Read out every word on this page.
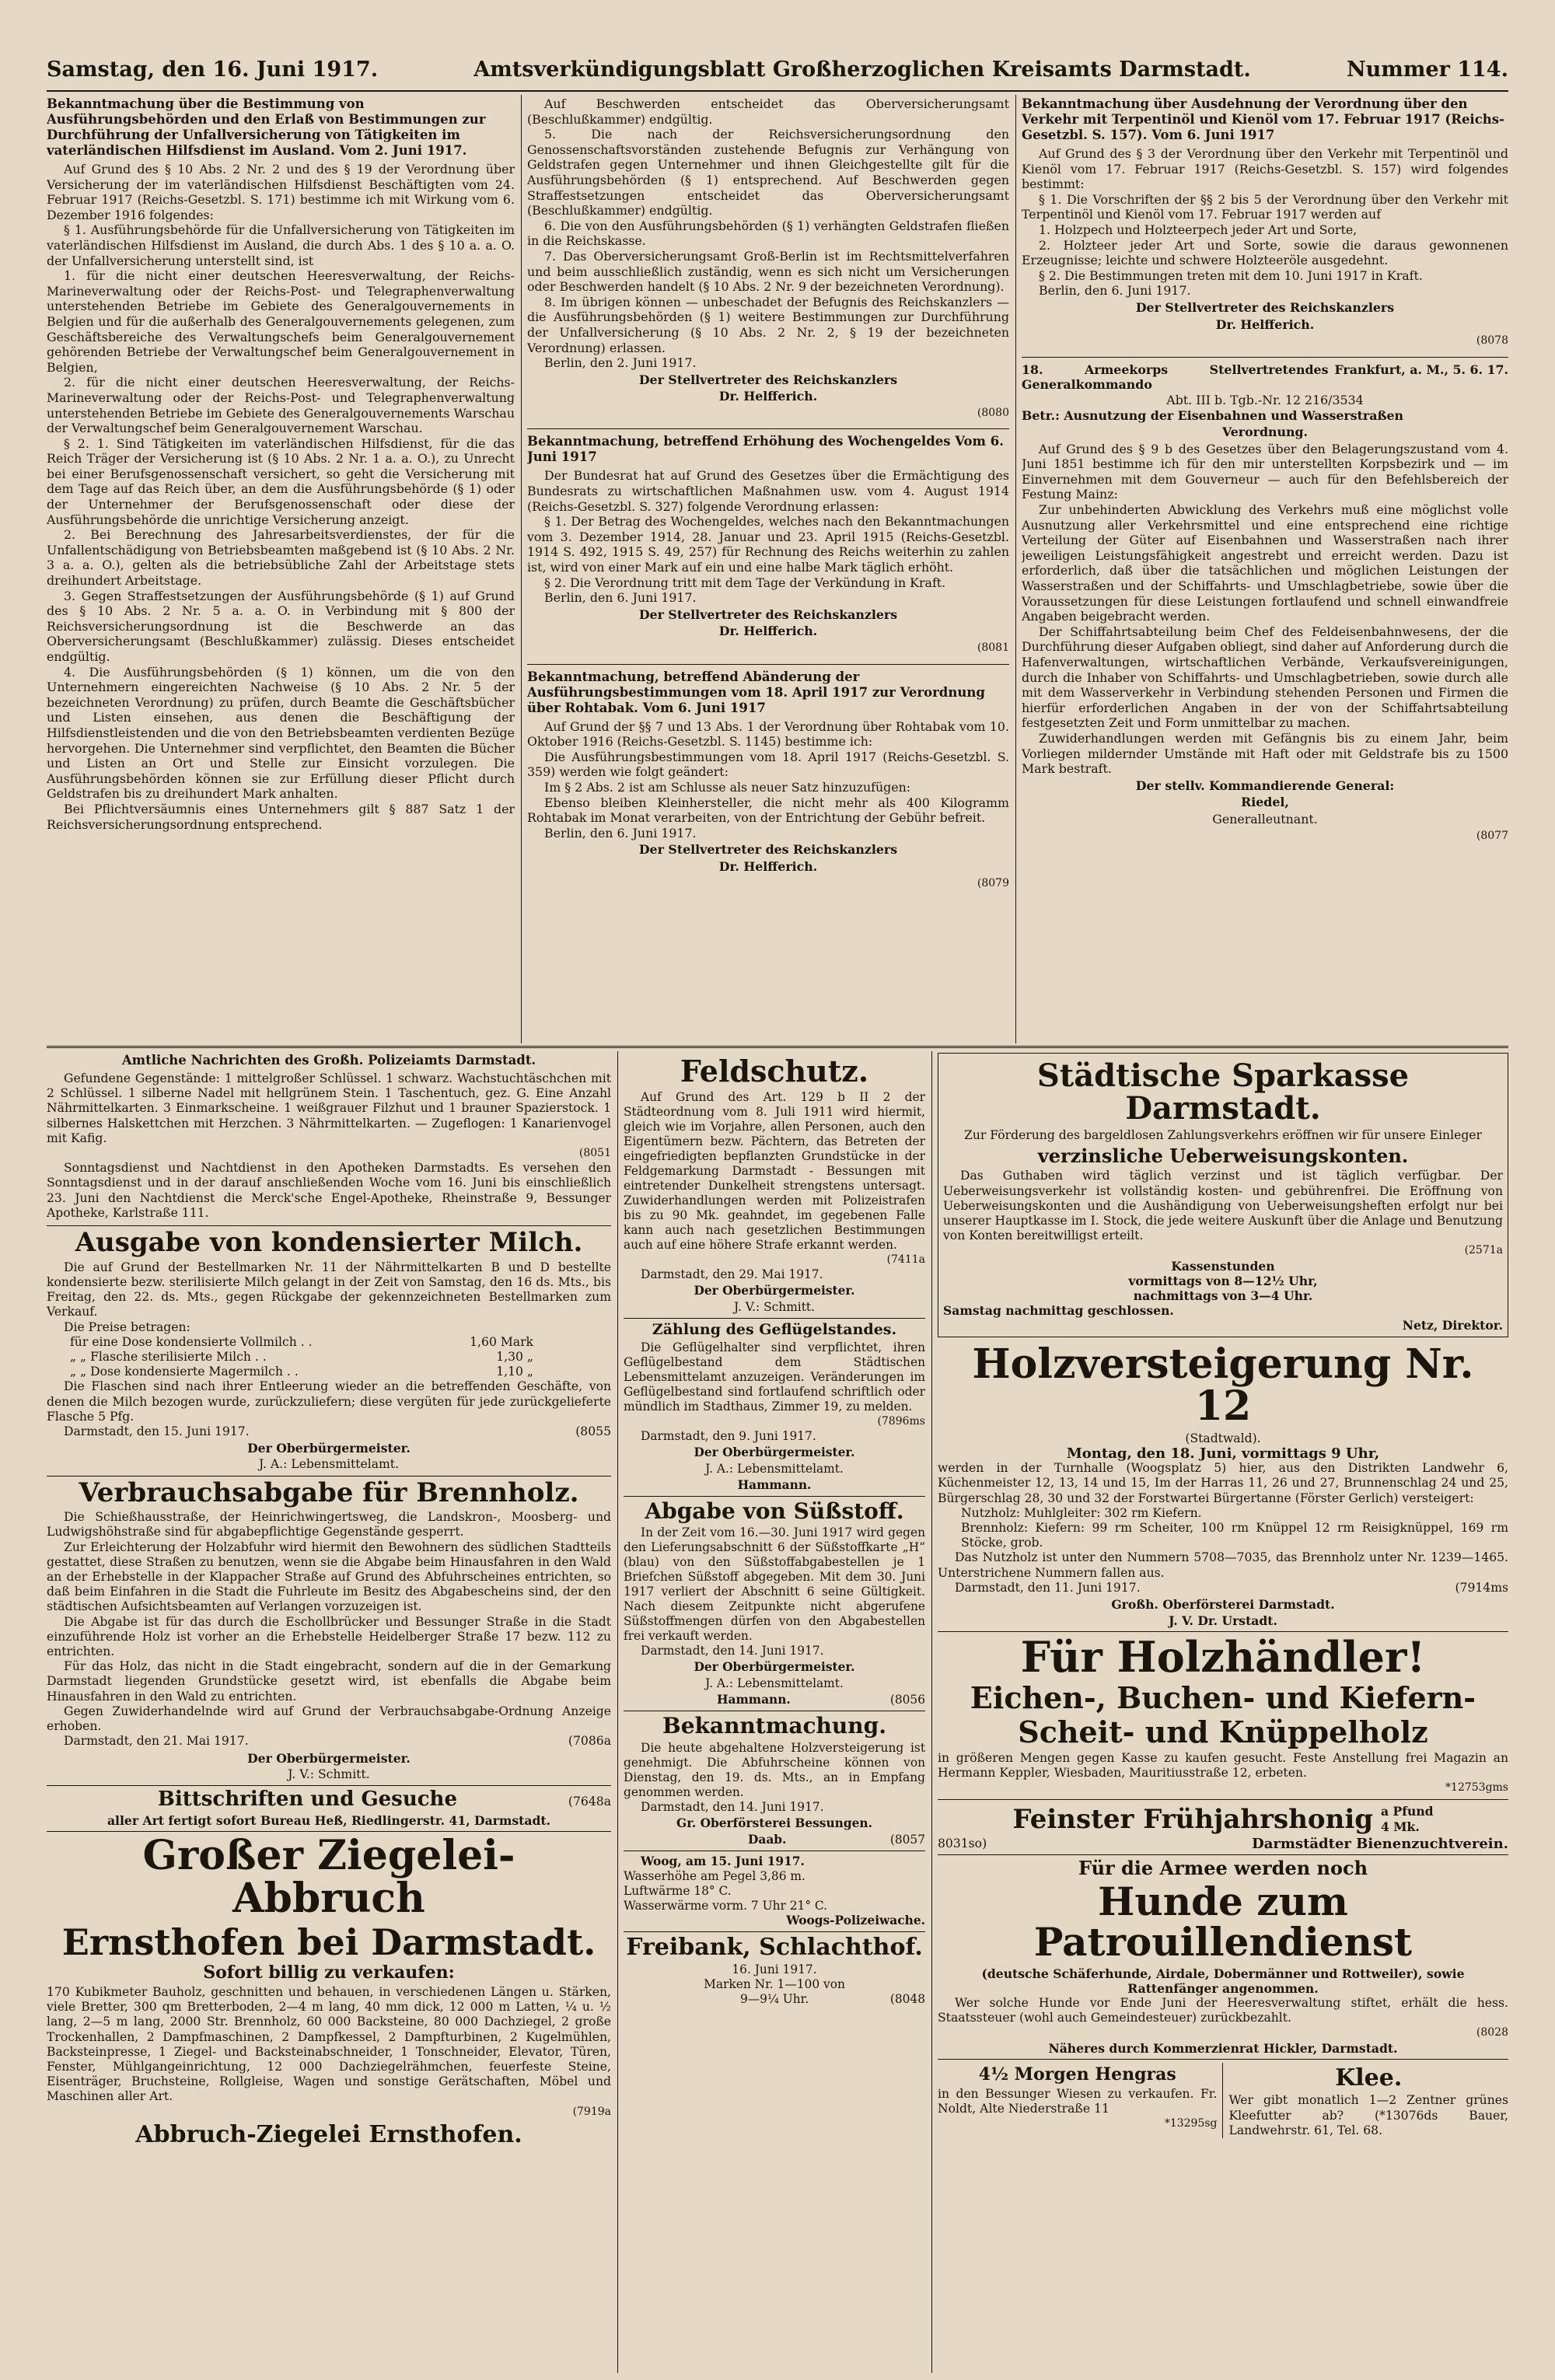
Samstag, den 16. Juni 1917.	Amtsverkündigungsblatt Großherzoglichen Kreisamts Darmstadt.	Nummer 114.
Bekanntmachung über die Bestimmung von Ausführungsbehörden und den Erlaß von Bestimmungen zur Durchführung der Unfallversicherung von Tätigkeiten im vaterländischen Hilfsdienst im Ausland. Vom 2. Juni 1917.

Auf Grund des § 10 Abs. 2 Nr. 2 und des § 19 der Verordnung über Versicherung der im vaterländischen Hilfsdienst Beschäftigten vom 24. Februar 1917 (Reichs-Gesetzbl. S. 171) bestimme ich mit Wirkung vom 6. Dezember 1916 folgendes:

§ 1. Ausführungsbehörde für die Unfallversicherung von Tätigkeiten im vaterländischen Hilfsdienst im Ausland, die durch Abs. 1 des § 10 a. a. O. der Unfallversicherung unterstellt sind, ist

1. für die nicht einer deutschen Heeresverwaltung, der Reichs-Marineverwaltung oder der Reichs-Post- und Telegraphenverwaltung unterstehenden Betriebe im Gebiete des Generalgouvernements in Belgien und für die außerhalb des Generalgouvernements gelegenen, zum Geschäftsbereiche des Verwaltungschefs beim Generalgouvernement gehörenden Betriebe der Verwaltungschef beim Generalgouvernement in Belgien,

2. für die nicht einer deutschen Heeresverwaltung, der Reichs-Marineverwaltung oder der Reichs-Post- und Telegraphenverwaltung unterstehenden Betriebe im Gebiete des Generalgouvernements Warschau der Verwaltungschef beim Generalgouvernement Warschau.

§ 2. 1. Sind Tätigkeiten im vaterländischen Hilfsdienst, für die das Reich Träger der Versicherung ist (§ 10 Abs. 2 Nr. 1 a. a. O.), zu Unrecht bei einer Berufsgenossenschaft versichert, so geht die Versicherung mit dem Tage auf das Reich über, an dem die Ausführungsbehörde (§ 1) oder der Unternehmer der Berufsgenossenschaft oder diese der Ausführungsbehörde die unrichtige Versicherung anzeigt.

2. Bei Berechnung des Jahresarbeitsverdienstes, der für die Unfallentschädigung von Betriebsbeamten maßgebend ist (§ 10 Abs. 2 Nr. 3 a. a. O.), gelten als die betriebsübliche Zahl der Arbeitstage stets dreihundert Arbeitstage.

3. Gegen Straffestsetzungen der Ausführungsbehörde (§ 1) auf Grund des § 10 Abs. 2 Nr. 5 a. a. O. in Verbindung mit § 800 der Reichsversicherungsordnung ist die Beschwerde an das Oberversicherungsamt (Beschlußkammer) zulässig. Dieses entscheidet endgültig.

4. Die Ausführungsbehörden (§ 1) können, um die von den Unternehmern eingereichten Nachweise (§ 10 Abs. 2 Nr. 5 der bezeichneten Verordnung) zu prüfen, durch Beamte die Geschäftsbücher und Listen einsehen, aus denen die Beschäftigung der Hilfsdienstleistenden und die von den Betriebsbeamten verdienten Bezüge hervorgehen. Die Unternehmer sind verpflichtet, den Beamten die Bücher und Listen an Ort und Stelle zur Einsicht vorzulegen. Die Ausführungsbehörden können sie zur Erfüllung dieser Pflicht durch Geldstrafen bis zu dreihundert Mark anhalten.

Bei Pflichtversäumnis eines Unternehmers gilt § 887 Satz 1 der Reichsversicherungsordnung entsprechend.

Auf Beschwerden entscheidet das Oberversicherungsamt (Beschlußkammer) endgültig.

5. Die nach der Reichsversicherungsordnung den Genossenschaftsvorständen zustehende Befugnis zur Verhängung von Geldstrafen gegen Unternehmer und ihnen Gleichgestellte gilt für die Ausführungsbehörden (§ 1) entsprechend. Auf Beschwerden gegen Straffestsetzungen entscheidet das Oberversicherungsamt (Beschlußkammer) endgültig.

6. Die von den Ausführungsbehörden (§ 1) verhängten Geldstrafen fließen in die Reichskasse.

7. Das Oberversicherungsamt Groß-Berlin ist im Rechtsmittelverfahren und beim ausschließlich zuständig, wenn es sich nicht um Versicherungen oder Beschwerden handelt (§ 10 Abs. 2 Nr. 9 der bezeichneten Verordnung).

8. Im übrigen können — unbeschadet der Befugnis des Reichskanzlers — die Ausführungsbehörden (§ 1) weitere Bestimmungen zur Durchführung der Unfallversicherung (§ 10 Abs. 2 Nr. 2, § 19 der bezeichneten Verordnung) erlassen.

Berlin, den 2. Juni 1917.

Der Stellvertreter des Reichskanzlers
Dr. Helfferich.
(8080
Bekanntmachung, betreffend Erhöhung des Wochengeldes Vom 6. Juni 1917

Der Bundesrat hat auf Grund des Gesetzes über die Ermächtigung des Bundesrats zu wirtschaftlichen Maßnahmen usw. vom 4. August 1914 (Reichs-Gesetzbl. S. 327) folgende Verordnung erlassen:

§ 1. Der Betrag des Wochengeldes, welches nach den Bekanntmachungen vom 3. Dezember 1914, 28. Januar und 23. April 1915 (Reichs-Gesetzbl. 1914 S. 492, 1915 S. 49, 257) für Rechnung des Reichs weiterhin zu zahlen ist, wird von einer Mark auf ein und eine halbe Mark täglich erhöht.

§ 2. Die Verordnung tritt mit dem Tage der Verkündung in Kraft.

Berlin, den 6. Juni 1917.

Der Stellvertreter des Reichskanzlers
Dr. Helfferich.
(8081
Bekanntmachung, betreffend Abänderung der Ausführungsbestimmungen vom 18. April 1917 zur Verordnung über Rohtabak. Vom 6. Juni 1917

Auf Grund der §§ 7 und 13 Abs. 1 der Verordnung über Rohtabak vom 10. Oktober 1916 (Reichs-Gesetzbl. S. 1145) bestimme ich:

Die Ausführungsbestimmungen vom 18. April 1917 (Reichs-Gesetzbl. S. 359) werden wie folgt geändert:

Im § 2 Abs. 2 ist am Schlusse als neuer Satz hinzuzufügen:

Ebenso bleiben Kleinhersteller, die nicht mehr als 400 Kilogramm Rohtabak im Monat verarbeiten, von der Entrichtung der Gebühr befreit.

Berlin, den 6. Juni 1917.

Der Stellvertreter des Reichskanzlers
Dr. Helfferich.
(8079
Bekanntmachung über Ausdehnung der Verordnung über den Verkehr mit Terpentinöl und Kienöl vom 17. Februar 1917 (Reichs-Gesetzbl. S. 157). Vom 6. Juni 1917

Auf Grund des § 3 der Verordnung über den Verkehr mit Terpentinöl und Kienöl vom 17. Februar 1917 (Reichs-Gesetzbl. S. 157) wird folgendes bestimmt:

§ 1. Die Vorschriften der §§ 2 bis 5 der Verordnung über den Verkehr mit Terpentinöl und Kienöl vom 17. Februar 1917 werden auf

1. Holzpech und Holzteerpech jeder Art und Sorte,

2. Holzteer jeder Art und Sorte, sowie die daraus gewonnenen Erzeugnisse; leichte und schwere Holzteeröle ausgedehnt.

§ 2. Die Bestimmungen treten mit dem 10. Juni 1917 in Kraft.

Berlin, den 6. Juni 1917.

Der Stellvertreter des Reichskanzlers
Dr. Helfferich.
(8078
18. Armeekorps Stellvertretendes Generalkommando
Frankfurt, a. M., 5. 6. 17.
Abt. III b. Tgb.-Nr. 12 216/3534
Betr.: Ausnutzung der Eisenbahnen und Wasserstraßen
Verordnung.

Auf Grund des § 9 b des Gesetzes über den Belagerungszustand vom 4. Juni 1851 bestimme ich für den mir unterstellten Korpsbezirk und — im Einvernehmen mit dem Gouverneur — auch für den Befehlsbereich der Festung Mainz:

Zur unbehinderten Abwicklung des Verkehrs muß eine möglichst volle Ausnutzung aller Verkehrsmittel und eine entsprechend eine richtige Verteilung der Güter auf Eisenbahnen und Wasserstraßen nach ihrer jeweiligen Leistungsfähigkeit angestrebt und erreicht werden. Dazu ist erforderlich, daß über die tatsächlichen und möglichen Leistungen der Wasserstraßen und der Schiffahrts- und Umschlagbetriebe, sowie über die Voraussetzungen für diese Leistungen fortlaufend und schnell einwandfreie Angaben beigebracht werden.

Der Schiffahrtsabteilung beim Chef des Feldeisenbahnwesens, der die Durchführung dieser Aufgaben obliegt, sind daher auf Anforderung durch die Hafenverwaltungen, wirtschaftlichen Verbände, Verkaufsvereinigungen, durch die Inhaber von Schiffahrts- und Umschlagbetrieben, sowie durch alle mit dem Wasserverkehr in Verbindung stehenden Personen und Firmen die hierfür erforderlichen Angaben in der von der Schiffahrtsabteilung festgesetzten Zeit und Form unmittelbar zu machen.

Zuwiderhandlungen werden mit Gefängnis bis zu einem Jahr, beim Vorliegen mildernder Umstände mit Haft oder mit Geldstrafe bis zu 1500 Mark bestraft.

Der stellv. Kommandierende General:
Riedel,
Generalleutnant.
(8077
Amtliche Nachrichten des Großh. Polizeiamts Darmstadt.

Gefundene Gegenstände: 1 mittelgroßer Schlüssel. 1 schwarz. Wachstuchtäschchen mit 2 Schlüssel. 1 silberne Nadel mit hellgrünem Stein. 1 Taschentuch, gez. G. Eine Anzahl Nährmittelkarten. 3 Einmarkscheine. 1 weißgrauer Filzhut und 1 brauner Spazierstock. 1 silbernes Halskettchen mit Herzchen. 3 Nährmittelkarten. — Zugeflogen: 1 Kanarienvogel mit Kafig.

(8051

Sonntagsdienst und Nachtdienst in den Apotheken Darmstadts. Es versehen den Sonntagsdienst und in der darauf anschließenden Woche vom 16. Juni bis einschließlich 23. Juni den Nachtdienst die Merck'sche Engel-Apotheke, Rheinstraße 9, Bessunger Apotheke, Karlstraße 111.

Ausgabe von kondensierter Milch.

Die auf Grund der Bestellmarken Nr. 11 der Nährmittelkarten B und D bestellte kondensierte bezw. sterilisierte Milch gelangt in der Zeit von Samstag, den 16 ds. Mts., bis Freitag, den 22. ds. Mts., gegen Rückgabe der gekennzeichneten Bestellmarken zum Verkauf.

Die Preise betragen:

für eine Dose kondensierte Vollmilch . .	1,60 Mark
„ „ Flasche sterilisierte Milch . .	1,30 „
„ „ Dose kondensierte Magermilch . .	1,10 „

Die Flaschen sind nach ihrer Entleerung wieder an die betreffenden Geschäfte, von denen die Milch bezogen wurde, zurückzuliefern; diese vergüten für jede zurückgelieferte Flasche 5 Pfg.

Darmstadt, den 15. Juni 1917.	(8055
Der Oberbürgermeister.
J. A.: Lebensmittelamt.
Verbrauchsabgabe für Brennholz.

Die Schießhausstraße, der Heinrichwingertsweg, die Landskron-, Moosberg- und Ludwigshöhstraße sind für abgabepflichtige Gegenstände gesperrt.

Zur Erleichterung der Holzabfuhr wird hiermit den Bewohnern des südlichen Stadtteils gestattet, diese Straßen zu benutzen, wenn sie die Abgabe beim Hinausfahren in den Wald an der Erhebstelle in der Klappacher Straße auf Grund des Abfuhrscheines entrichten, so daß beim Einfahren in die Stadt die Fuhrleute im Besitz des Abgabescheins sind, der den städtischen Aufsichtsbeamten auf Verlangen vorzuzeigen ist.

Die Abgabe ist für das durch die Eschollbrücker und Bessunger Straße in die Stadt einzuführende Holz ist vorher an die Erhebstelle Heidelberger Straße 17 bezw. 112 zu entrichten.

Für das Holz, das nicht in die Stadt eingebracht, sondern auf die in der Gemarkung Darmstadt liegenden Grundstücke gesetzt wird, ist ebenfalls die Abgabe beim Hinausfahren in den Wald zu entrichten.

Gegen Zuwiderhandelnde wird auf Grund der Verbrauchsabgabe-Ordnung Anzeige erhoben.

Darmstadt, den 21. Mai 1917.	(7086a
Der Oberbürgermeister.
J. V.: Schmitt.
Bittschriften und Gesuche	(7648a
aller Art fertigt sofort Bureau Heß, Riedlingerstr. 41, Darmstadt.
Großer Ziegelei-Abbruch
Ernsthofen bei Darmstadt.
Sofort billig zu verkaufen:

170 Kubikmeter Bauholz, geschnitten und behauen, in verschiedenen Längen u. Stärken, viele Bretter, 300 qm Bretterboden, 2—4 m lang, 40 mm dick, 12 000 m Latten, ¼ u. ½ lang, 2—5 m lang, 2000 Str. Brennholz, 60 000 Backsteine, 80 000 Dachziegel, 2 große Trockenhallen, 2 Dampfmaschinen, 2 Dampfkessel, 2 Dampfturbinen, 2 Kugelmühlen, Backsteinpresse, 1 Ziegel- und Backsteinabschneider, 1 Tonschneider, Elevator, Türen, Fenster, Mühlgangeinrichtung, 12 000 Dachziegelrähmchen, feuerfeste Steine, Eisenträger, Bruchsteine, Rollgleise, Wagen und sonstige Gerätschaften, Möbel und Maschinen aller Art.

(7919a
Abbruch-Ziegelei Ernsthofen.
Feldschutz.

Auf Grund des Art. 129 b II 2 der Städteordnung vom 8. Juli 1911 wird hiermit, gleich wie im Vorjahre, allen Personen, auch den Eigentümern bezw. Pächtern, das Betreten der eingefriedigten bepflanzten Grundstücke in der Feldgemarkung Darmstadt - Bessungen mit eintretender Dunkelheit strengstens untersagt. Zuwiderhandlungen werden mit Polizeistrafen bis zu 90 Mk. geahndet, im gegebenen Falle kann auch nach gesetzlichen Bestimmungen auch auf eine höhere Strafe erkannt werden.

(7411a
Darmstadt, den 29. Mai 1917.
Der Oberbürgermeister.
J. V.: Schmitt.
Zählung des Geflügelstandes.

Die Geflügelhalter sind verpflichtet, ihren Geflügelbestand dem Städtischen Lebensmittelamt anzuzeigen. Veränderungen im Geflügelbestand sind fortlaufend schriftlich oder mündlich im Stadthaus, Zimmer 19, zu melden.

(7896ms
Darmstadt, den 9. Juni 1917.
Der Oberbürgermeister.
J. A.: Lebensmittelamt.
Hammann.
Abgabe von Süßstoff.

In der Zeit vom 16.—30. Juni 1917 wird gegen den Lieferungsabschnitt 6 der Süßstoffkarte „H“ (blau) von den Süßstoffabgabestellen je 1 Briefchen Süßstoff abgegeben. Mit dem 30. Juni 1917 verliert der Abschnitt 6 seine Gültigkeit. Nach diesem Zeitpunkte nicht abgerufene Süßstoffmengen dürfen von den Abgabestellen frei verkauft werden.

Darmstadt, den 14. Juni 1917.
Der Oberbürgermeister.
J. A.: Lebensmittelamt.
Hammann.	(8056
Bekanntmachung.

Die heute abgehaltene Holzversteigerung ist genehmigt. Die Abfuhrscheine können von Dienstag, den 19. ds. Mts., an in Empfang genommen werden.

Darmstadt, den 14. Juni 1917.
Gr. Oberförsterei Bessungen.
Daab.	(8057
Woog, am 15. Juni 1917.
Wasserhöhe am Pegel 3,86 m.
Luftwärme 18° C.
Wasserwärme vorm. 7 Uhr 21° C.
Woogs-Polizeiwache.
Freibank, Schlachthof.
16. Juni 1917.
Marken Nr. 1—100 von
9—9¼ Uhr.	(8048
Städtische Sparkasse Darmstadt.
Zur Förderung des bargeldlosen Zahlungsverkehrs eröffnen wir für unsere Einleger
verzinsliche Ueberweisungskonten.

Das Guthaben wird täglich verzinst und ist täglich verfügbar. Der Ueberweisungsverkehr ist vollständig kosten- und gebührenfrei. Die Eröffnung von Ueberweisungskonten und die Aushändigung von Ueberweisungsheften erfolgt nur bei unserer Hauptkasse im I. Stock, die jede weitere Auskunft über die Anlage und Benutzung von Konten bereitwilligst erteilt.

(2571a
Kassenstunden
vormittags von 8—12½ Uhr,
nachmittags von 3—4 Uhr.
Samstag nachmittag geschlossen.
Netz, Direktor.
Holzversteigerung Nr. 12
(Stadtwald).
Montag, den 18. Juni, vormittags 9 Uhr,

werden in der Turnhalle (Woogsplatz 5) hier, aus den Distrikten Landwehr 6, Küchenmeister 12, 13, 14 und 15, Im der Harras 11, 26 und 27, Brunnenschlag 24 und 25, Bürgerschlag 28, 30 und 32 der Forstwartei Bürgertanne (Förster Gerlich) versteigert:

Nutzholz: Muhlgleiter: 302 rm Kiefern.
Brennholz: Kiefern: 99 rm Scheiter, 100 rm Knüppel 12 rm Reisigknüppel, 169 rm Stöcke, grob.

Das Nutzholz ist unter den Nummern 5708—7035, das Brennholz unter Nr. 1239—1465. Unterstrichene Nummern fallen aus.

Darmstadt, den 11. Juni 1917.	(7914ms
Großh. Oberförsterei Darmstadt.
J. V. Dr. Urstadt.
Für Holzhändler!
Eichen-, Buchen- und Kiefern-
Scheit- und Knüppelholz

in größeren Mengen gegen Kasse zu kaufen gesucht. Feste Anstellung frei Magazin an Hermann Keppler, Wiesbaden, Mauritiusstraße 12, erbeten.

*12753gms
Feinster Frühjahrshonig a Pfund
4 Mk.
8031so)	Darmstädter Bienenzuchtverein.
Für die Armee werden noch
Hunde zum Patrouillendienst
(deutsche Schäferhunde, Airdale, Dobermänner und Rottweiler), sowie Rattenfänger angenommen.

Wer solche Hunde vor Ende Juni der Heeresverwaltung stiftet, erhält die hess. Staatssteuer (wohl auch Gemeindesteuer) zurückbezahlt.

(8028
Näheres durch Kommerzienrat Hickler, Darmstadt.
4½ Morgen Hengras
in den Bessunger Wiesen zu verkaufen. Fr. Noldt, Alte Niederstraße 11
*13295sg
Klee.
Wer gibt monatlich 1—2 Zentner grünes Kleefutter ab? (*13076ds Bauer, Landwehrstr. 61, Tel. 68.
